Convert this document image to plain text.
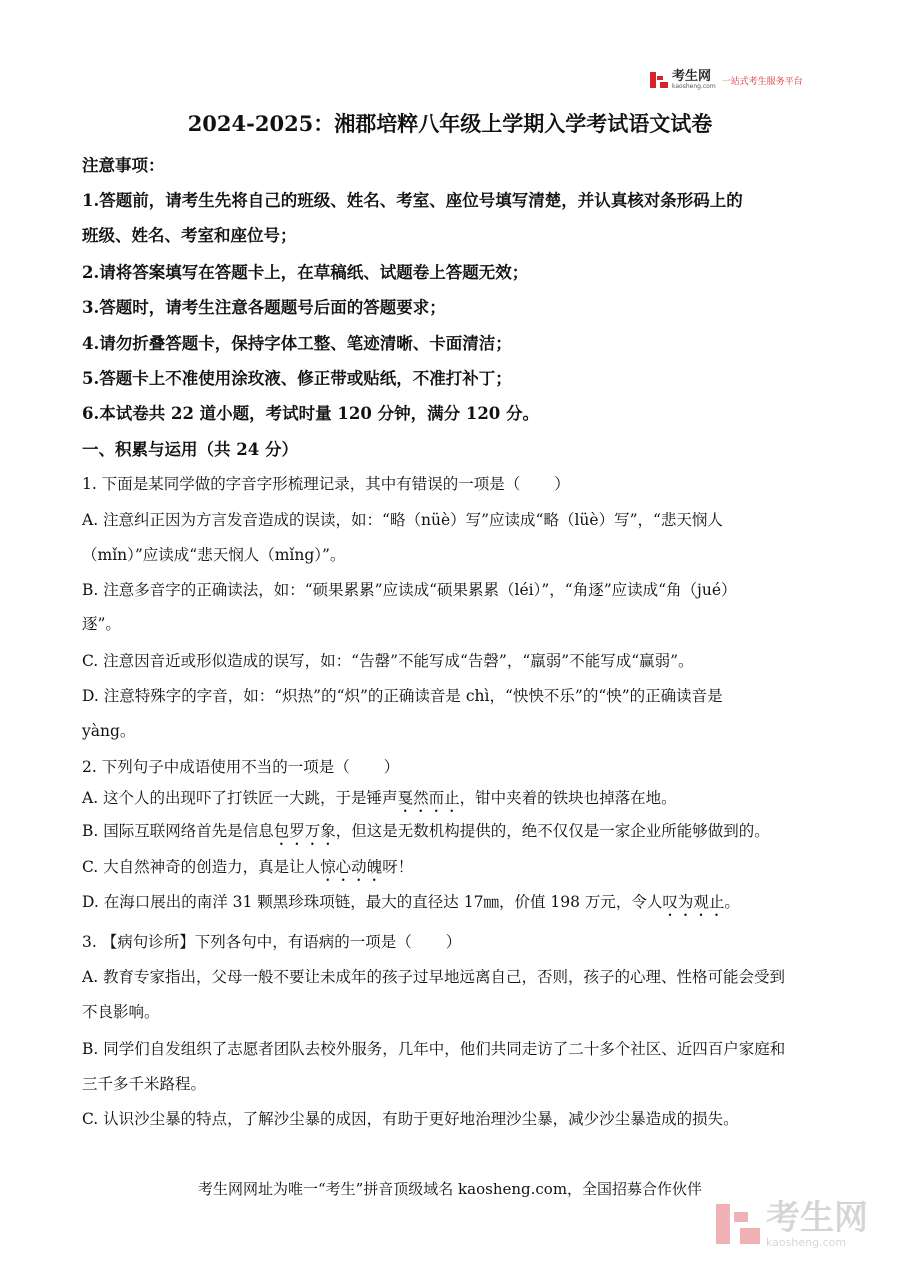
考生网
kaosheng.com 一站式考生服务平台
2024-2025：湘郡培粹八年级上学期入学考试语文试卷
注意事项：
1.答题前，请考生先将自己的班级、姓名、考室、座位号填写清楚，并认真核对条形码上的
班级、姓名、考室和座位号；
2.请将答案填写在答题卡上，在草稿纸、试题卷上答题无效；
3.答题时，请考生注意各题题号后面的答题要求；
4.请勿折叠答题卡，保持字体工整、笔迹清晰、卡面清洁；
5.答题卡上不准使用涂玫液、修正带或贴纸，不准打补丁；
6.本试卷共 22 道小题，考试时量 120 分钟，满分 120 分。
一、积累与运用（共 24 分）
1. 下面是某同学做的字音字形梳理记录，其中有错误的一项是（ ）
A. 注意纠正因为方言发音造成的误读，如：“略（nüè）写”应读成“略（lüè）写”，“悲天悯人
（mǐn）”应读成“悲天悯人（mǐng）”。
B. 注意多音字的正确读法，如：“硕果累累”应读成“硕果累累（léi）”，“角逐”应读成“角（jué）
逐”。
C. 注意因音近或形似造成的误写，如：“告罄”不能写成“告磬”，“羸弱”不能写成“赢弱”。
D. 注意特殊字的字音，如：“炽热”的“炽”的正确读音是 chì，“怏怏不乐”的“怏”的正确读音是
yàng。
2. 下列句子中成语使用不当的一项是（ ）
A. 这个人的出现吓了打铁匠一大跳，于是锤声戛然而止，钳中夹着的铁块也掉落在地。
B. 国际互联网络首先是信息包罗万象，但这是无数机构提供的，绝不仅仅是一家企业所能够做到的。
C. 大自然神奇的创造力，真是让人惊心动魄呀！
D. 在海口展出的南洋 31 颗黑珍珠项链，最大的直径达 17㎜，价值 198 万元，令人叹为观止。
3. 【病句诊所】下列各句中，有语病的一项是（ ）
A. 教育专家指出，父母一般不要让未成年的孩子过早地远离自己，否则，孩子的心理、性格可能会受到
不良影响。
B. 同学们自发组织了志愿者团队去校外服务，几年中，他们共同走访了二十多个社区、近四百户家庭和
三千多千米路程。
C. 认识沙尘暴的特点，了解沙尘暴的成因，有助于更好地治理沙尘暴，减少沙尘暴造成的损失。
考生网网址为唯一“考生”拼音顶级域名 kaosheng.com，全国招募合作伙伴
考生网
kaosheng.com
